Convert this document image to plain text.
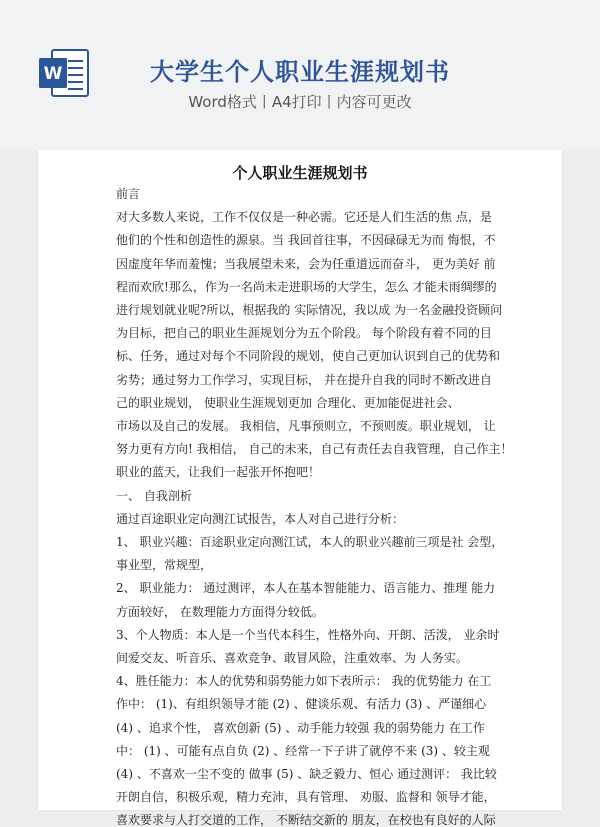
W	大学生个人职业生涯规划书
Word格式丨A4打印丨内容可更改
个人职业生涯规划书
前言
对大多数人来说，工作不仅仅是一种必需。它还是人们生活的焦 点，是
他们的个性和创造性的源泉。当 我回首往事，不因碌碌无为而 悔恨，不
因虚度年华而羞愧；当我展望未来，会为任重道远而奋斗， 更为美好 前
程而欢欣!那么，作为一名尚未走进职场的大学生，怎么 才能未雨绸缪的
进行规划就业呢?所以，根据我的 实际情况，我以成 为一名金融投资顾问
为目标，把自己的职业生涯规划分为五个阶段。 每个阶段有着不同的目
标、任务，通过对每个不同阶段的规划，使自己更加认识到自己的优势和
劣势；通过努力工作学习，实现目标， 并在提升自我的同时不断改进自
己的职业规划， 使职业生涯规划更加 合理化、更加能促进社会、
市场以及自己的发展。 我相信，凡事预则立，不预则废。职业规划， 让
努力更有方向! 我相信， 自己的未来，自己有责任去自我管理，自己作主！
职业的蓝天，让我们一起张开怀抱吧！
一、 自我剖析
通过百途职业定向测江试报告，本人对自己进行分析：
1、 职业兴趣：百途职业定向测江试，本人的职业兴趣前三项是社 会型，
事业型，常规型，
2、 职业能力： 通过测评，本人在基本智能能力、语言能力、推理 能力
方面较好， 在数理能力方面得分较低。
3、个人物质：本人是一个当代本科生，性格外向、开朗、活泼， 业余时
间爱交友、听音乐、喜欢竞争、敢冒风险，注重效率、为 人务实。
4、胜任能力：本人的优势和弱势能力如下表所示： 我的优势能力 在工
作中： (1)、有组织领导才能 (2) 、健谈乐观、有活力 (3) 、严谨细心
(4) 、追求个性， 喜欢创新 (5) 、动手能力较强 我的弱势能力 在工作
中： (1) 、可能有点自负 (2) 、经常一下子讲了就停不来 (3) 、较主观
(4) 、不喜欢一尘不变的 做事 (5) 、缺乏毅力、恒心 通过测评： 我比较
开朗自信，积极乐观，精力充沛，具有管理、 劝服、监督和 领导才能，
喜欢要求与人打交道的工作， 不断结交新的 朋友，在校也有良好的人际
